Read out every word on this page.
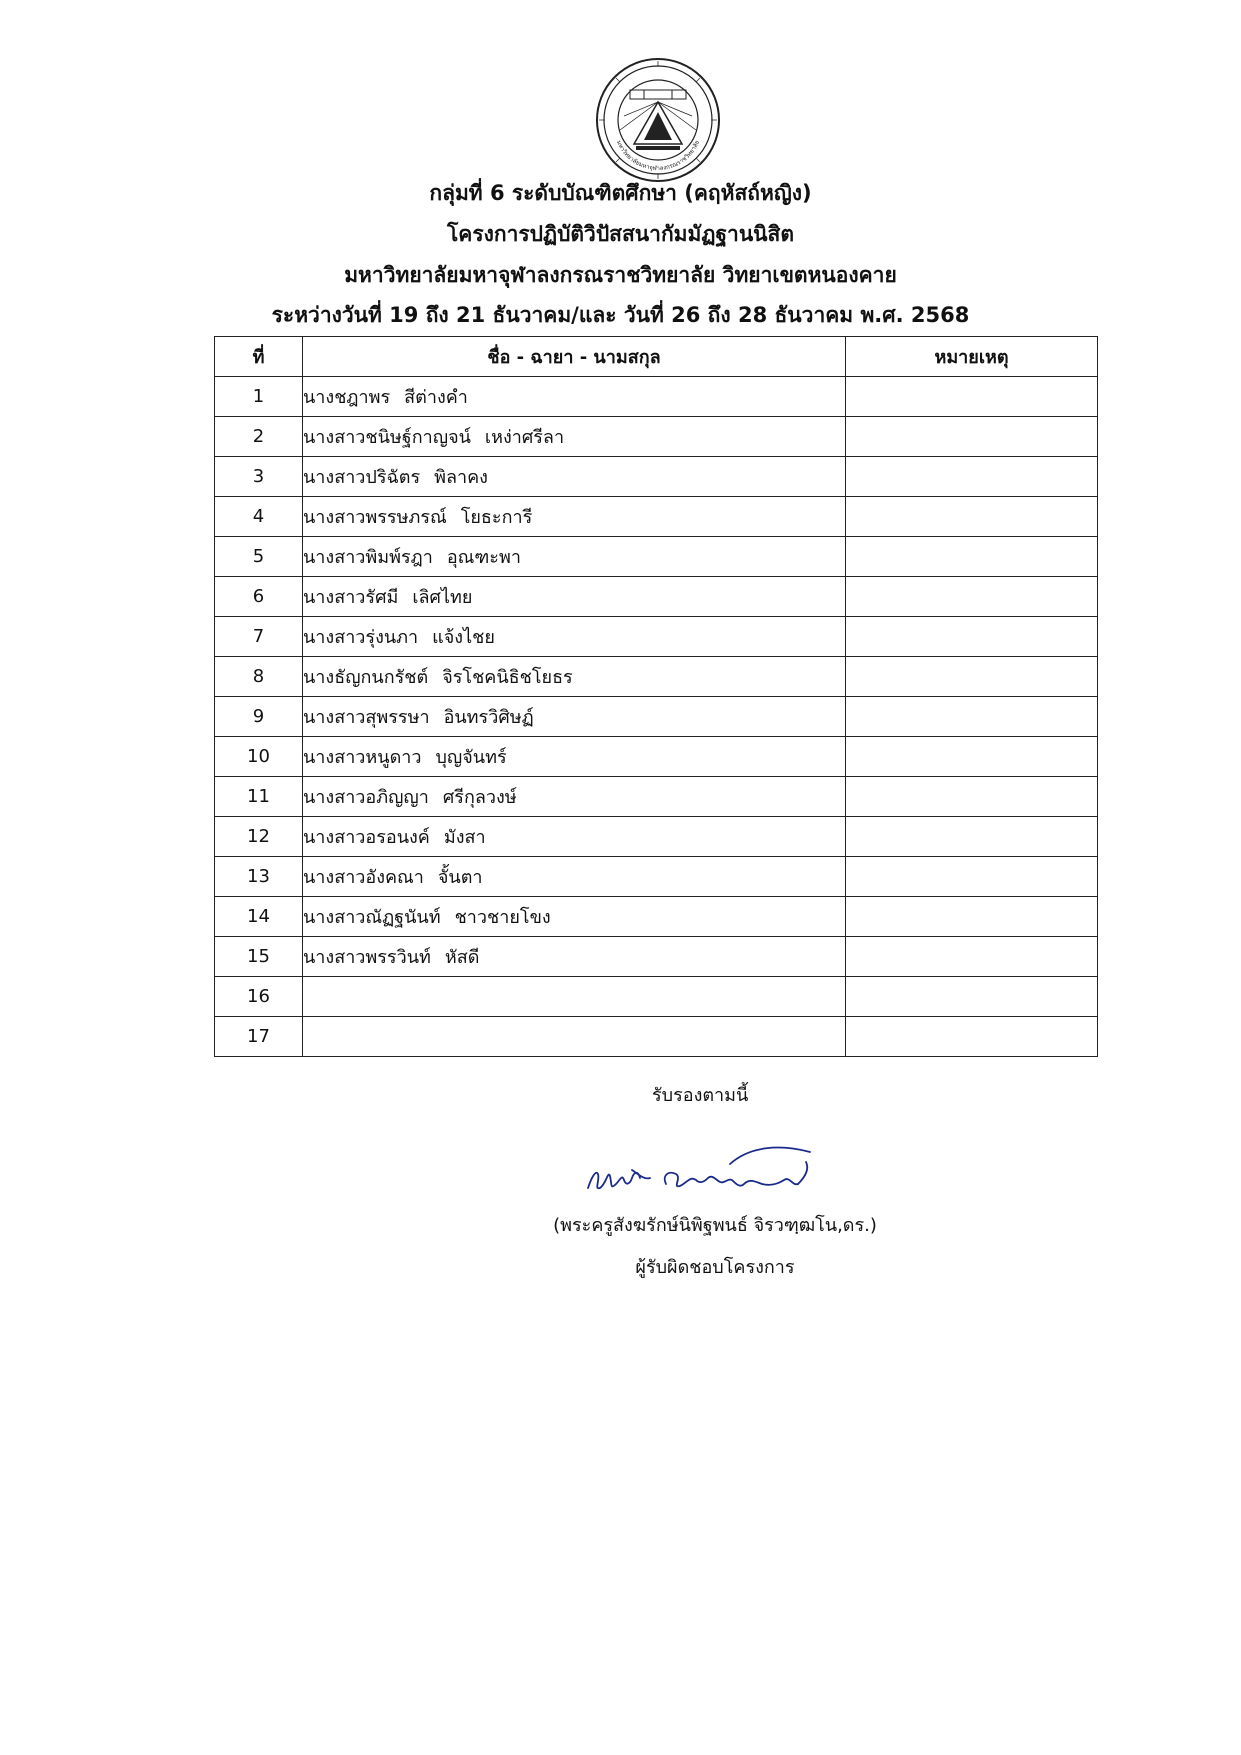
มหาวิทยาลัยมหาจุฬาลงกรณราชวิทยาลัย
กลุ่มที่ 6 ระดับบัณฑิตศึกษา (คฤหัสถ์หญิง)
โครงการปฏิบัติวิปัสสนากัมมัฏฐานนิสิต
มหาวิทยาลัยมหาจุฬาลงกรณราชวิทยาลัย วิทยาเขตหนองคาย
ระหว่างวันที่ 19 ถึง 21 ธันวาคม/และ วันที่ 26 ถึง 28 ธันวาคม พ.ศ. 2568
ที่	ชื่อ - ฉายา - นามสกุล	หมายเหตุ
1	นางชฎาพร สีต่างคำ	
2	นางสาวชนิษฐ์กาญจน์ เหง่าศรีลา	
3	นางสาวปริฉัตร พิลาคง	
4	นางสาวพรรษภรณ์ โยธะการี	
5	นางสาวพิมพ์รฎา อุณฑะพา	
6	นางสาวรัศมี เลิศไทย	
7	นางสาวรุ่งนภา แจ้งไชย	
8	นางธัญกนกรัชต์ จิรโชคนิธิชโยธร	
9	นางสาวสุพรรษา อินทรวิศิษฏ์	
10	นางสาวหนูดาว บุญจันทร์	
11	นางสาวอภิญญา ศรีกุลวงษ์	
12	นางสาวอรอนงค์ มังสา	
13	นางสาวอังคณา จั้นตา	
14	นางสาวณัฏฐนันท์ ชาวชายโขง	
15	นางสาวพรรวินท์ หัสดี	
16		
17		
รับรองตามนี้
(พระครูสังฆรักษ์นิพิฐพนธ์ จิรวฑฺฒโน,ดร.)
ผู้รับผิดชอบโครงการ
